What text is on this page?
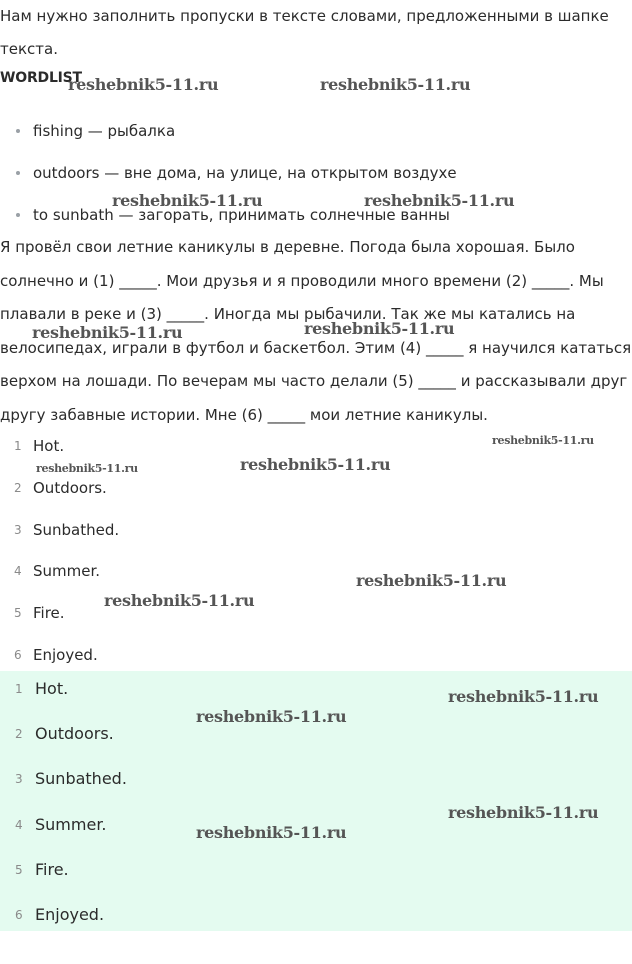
Нам нужно заполнить пропуски в тексте словами, предложенными в шапке

текста.

WORDLIST
fishing — рыбалка
outdoors — вне дома, на улице, на открытом воздухе
to sunbath — загорать, принимать солнечные ванны

Я провёл свои летние каникулы в деревне. Погода была хорошая. Было

солнечно и (1) _____. Мои друзья и я проводили много времени (2) _____. Мы

плавали в реке и (3) _____. Иногда мы рыбачили. Так же мы катались на

велосипедах, играли в футбол и баскетбол. Этим (4) _____ я научился кататься

верхом на лошади. По вечерам мы часто делали (5) _____ и рассказывали друг

другу забавные истории. Мне (6) _____ мои летние каникулы.

1 Hot.
2 Outdoors.
3 Sunbathed.
4 Summer.
5 Fire.
6 Enjoyed.
1 Hot.
2 Outdoors.
3 Sunbathed.
4 Summer.
5 Fire.
6 Enjoyed.
reshebnik5-11.ru	reshebnik5-11.ru
reshebnik5-11.ru	reshebnik5-11.ru
reshebnik5-11.ru	reshebnik5-11.ru
reshebnik5-11.ru
reshebnik5-11.ru	reshebnik5-11.ru
reshebnik5-11.ru
reshebnik5-11.ru
reshebnik5-11.ru
reshebnik5-11.ru
reshebnik5-11.ru
reshebnik5-11.ru
